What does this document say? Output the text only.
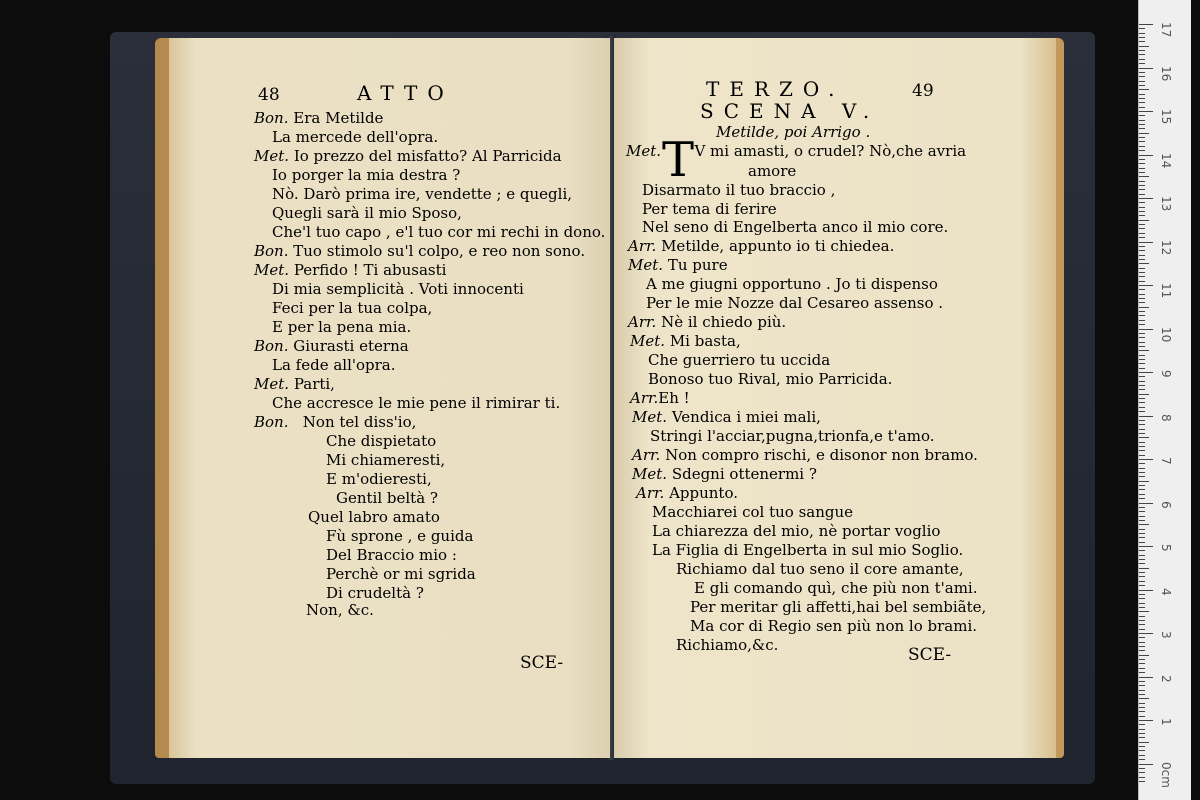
48	ATTO
Bon. Era Metilde
La mercede dell'opra.
Met. Io prezzo del misfatto? Al Parricida
Io porger la mia destra ?
Nò. Darò prima ire, vendette ; e quegli,
Quegli sarà il mio Sposo,
Che'l tuo capo , e'l tuo cor mi rechi in dono.
Bon. Tuo stimolo su'l colpo, e reo non sono.
Met. Perfido ! Ti abusasti
Di mia semplicità . Voti innocenti
Feci per la tua colpa,
E per la pena mia.
Bon. Giurasti eterna
La fede all'opra.
Met. Parti,
Che accresce le mie pene il rimirar ti.
Bon. Non tel diss'io,
Che dispietato
Mi chiameresti,
E m'odieresti,
Gentil beltà ?
Quel labro amato
Fù sprone , e guida
Del Braccio mio :
Perchè or mi sgrida
Di crudeltà ?
Non, &c.
SCE-
TERZO.	49
SCENA V.
Metilde, poi Arrigo .
T
Met. V mi amasti, o crudel? Nò,che avria
amore
Disarmato il tuo braccio ,
Per tema di ferire
Nel seno di Engelberta anco il mio core.
Arr. Metilde, appunto io ti chiedea.
Met. Tu pure
A me giugni opportuno . Jo ti dispenso
Per le mie Nozze dal Cesareo assenso .
Arr. Nè il chiedo più.
Met. Mi basta,
Che guerriero tu uccida
Bonoso tuo Rival, mio Parricida.
Arr.Eh !
Met. Vendica i miei mali,
Stringi l'acciar,pugna,trionfa,e t'amo.
Arr. Non compro rischi, e disonor non bramo.
Met. Sdegni ottenermi ?
Arr. Appunto.
Macchiarei col tuo sangue
La chiarezza del mio, nè portar voglio
La Figlia di Engelberta in sul mio Soglio.
Richiamo dal tuo seno il core amante,
E gli comando quì, che più non t'ami.
Per meritar gli affetti,hai bel sembiãte,
Ma cor di Regio sen più non lo brami.
Richiamo,&c.	SCE-
17
16
15
14
13
12
11
10
9
8
7
6
5
4
3
2
1
0cm
